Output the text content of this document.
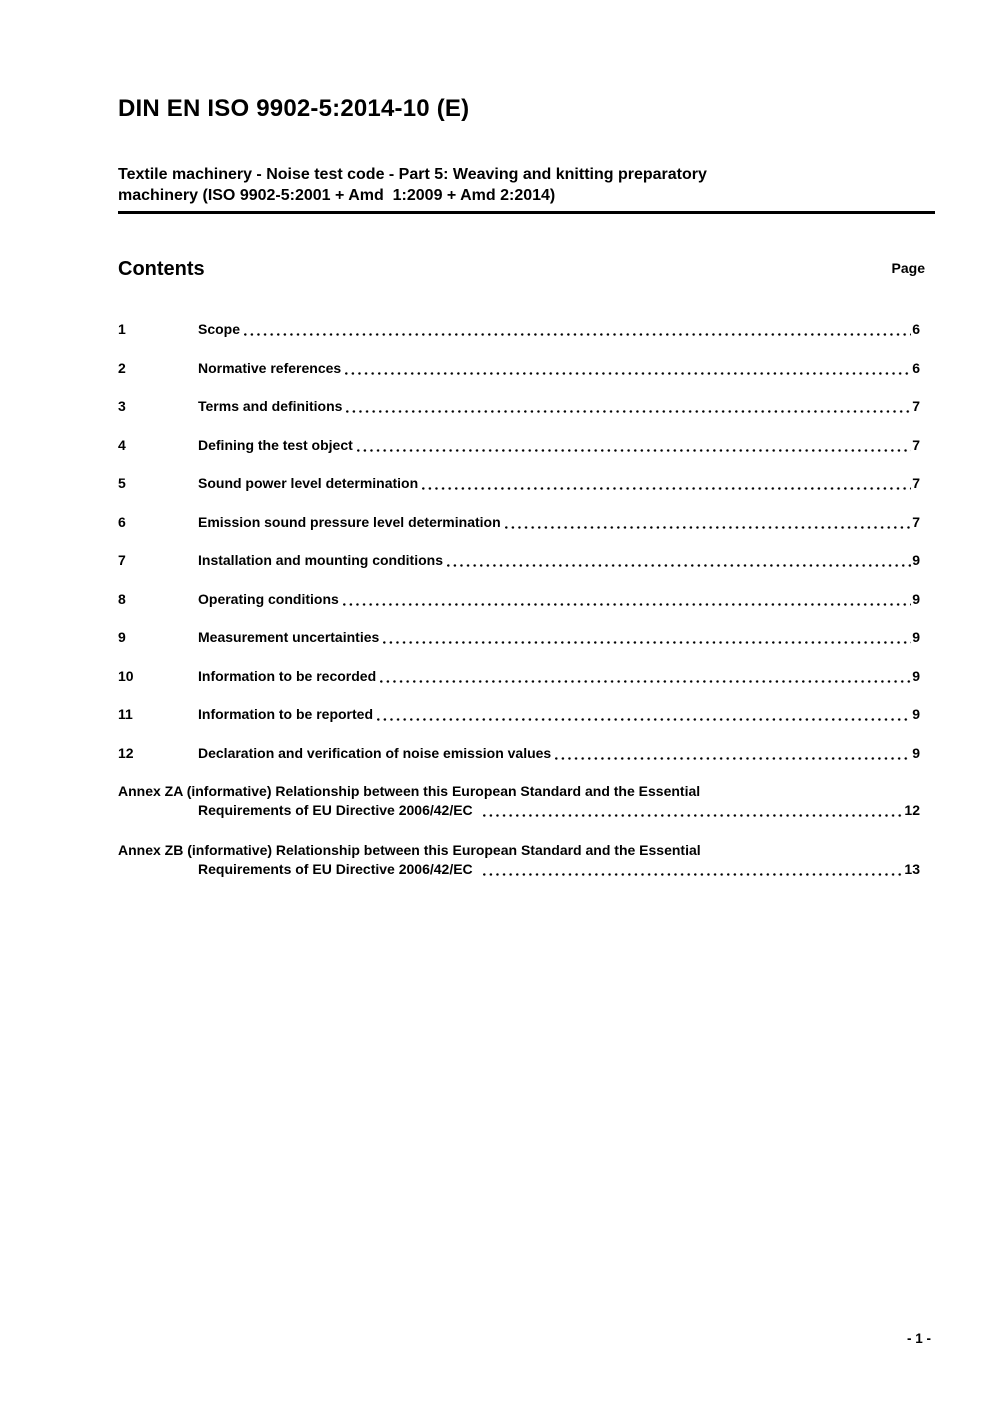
DIN EN ISO 9902-5:2014-10 (E)
Textile machinery - Noise test code - Part 5: Weaving and knitting preparatory
machinery (ISO 9902-5:2001 + Amd  1:2009 + Amd 2:2014)
Contents	Page
1	Scope	6
2	Normative references	6
3	Terms and definitions	7
4	Defining the test object	7
5	Sound power level determination	7
6	Emission sound pressure level determination	7
7	Installation and mounting conditions	9
8	Operating conditions	9
9	Measurement uncertainties	9
10	Information to be recorded	9
11	Information to be reported	9
12	Declaration and verification of noise emission values	9
Annex ZA (informative) Relationship between this European Standard and the Essential
Requirements of EU Directive 2006/42/EC	12
Annex ZB (informative) Relationship between this European Standard and the Essential
Requirements of EU Directive 2006/42/EC	13
- 1 -
